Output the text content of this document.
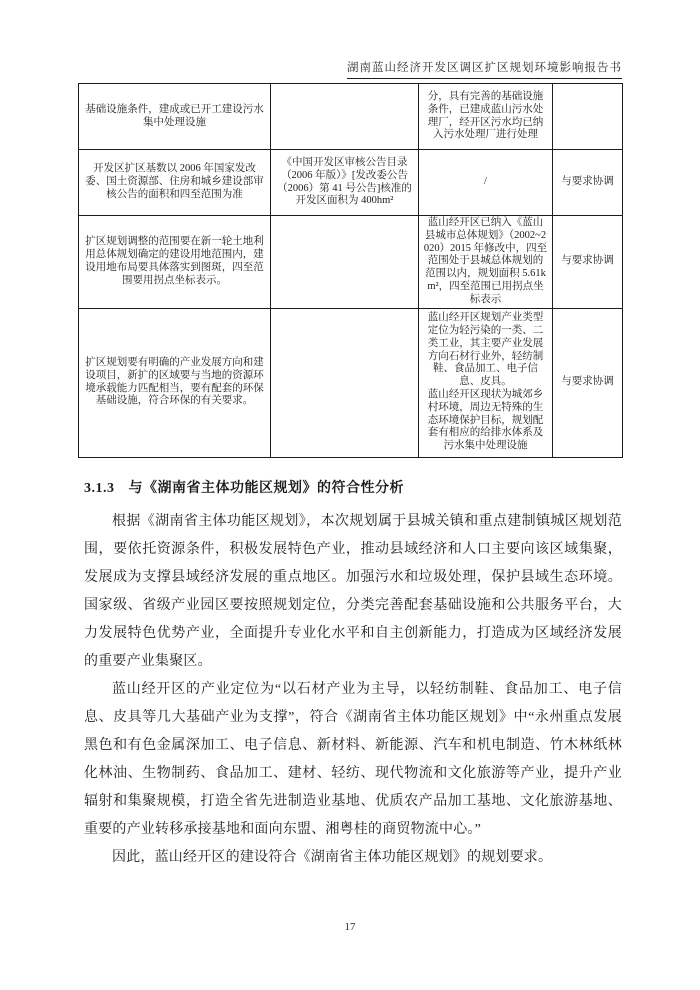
湖南蓝山经济开发区调区扩区规划环境影响报告书
基础设施条件，建成或已开工建设污水集中处理设施		分，具有完善的基础设施条件，已建成蓝山污水处理厂，经开区污水均已纳入污水处理厂进行处理	
开发区扩区基数以 2006 年国家发改委、国土资源部、住房和城乡建设部审核公告的面积和四至范围为准	《中国开发区审核公告目录（2006 年版）》[发改委公告（2006）第 41 号公告]核准的开发区面积为 400hm²	/	与要求协调
扩区规划调整的范围要在新一轮土地利用总体规划确定的建设用地范围内，建设用地布局要具体落实到图斑，四至范围要用拐点坐标表示。		蓝山经开区已纳入《蓝山县城市总体规划》（2002~2020）2015 年修改中，四至范围处于县城总体规划的范围以内，规划面积 5.61km²，四至范围已用拐点坐标表示	与要求协调
扩区规划要有明确的产业发展方向和建设项目，新扩的区域要与当地的资源环境承载能力匹配相当，要有配套的环保基础设施，符合环保的有关要求。		蓝山经开区规划产业类型定位为轻污染的一类、二类工业，其主要产业发展方向石材行业外，轻纺制鞋、食品加工、电子信息、皮具。

蓝山经开区现状为城郊乡村环境，周边无特殊的生态环境保护目标，规划配套有相应的给排水体系及污水集中处理设施	与要求协调
3.1.3 与《湖南省主体功能区规划》的符合性分析

根据《湖南省主体功能区规划》，本次规划属于县城关镇和重点建制镇城区规划范围，要依托资源条件，积极发展特色产业，推动县域经济和人口主要向该区域集聚，发展成为支撑县域经济发展的重点地区。加强污水和垃圾处理，保护县域生态环境。国家级、省级产业园区要按照规划定位，分类完善配套基础设施和公共服务平台，大力发展特色优势产业，全面提升专业化水平和自主创新能力，打造成为区域经济发展的重要产业集聚区。

蓝山经开区的产业定位为“以石材产业为主导，以轻纺制鞋、食品加工、电子信息、皮具等几大基础产业为支撑”，符合《湖南省主体功能区规划》中“永州重点发展黑色和有色金属深加工、电子信息、新材料、新能源、汽车和机电制造、竹木林纸林化林油、生物制药、食品加工、建材、轻纺、现代物流和文化旅游等产业，提升产业辐射和集聚规模，打造全省先进制造业基地、优质农产品加工基地、文化旅游基地、重要的产业转移承接基地和面向东盟、湘粤桂的商贸物流中心。”

因此，蓝山经开区的建设符合《湖南省主体功能区规划》的规划要求。

17
